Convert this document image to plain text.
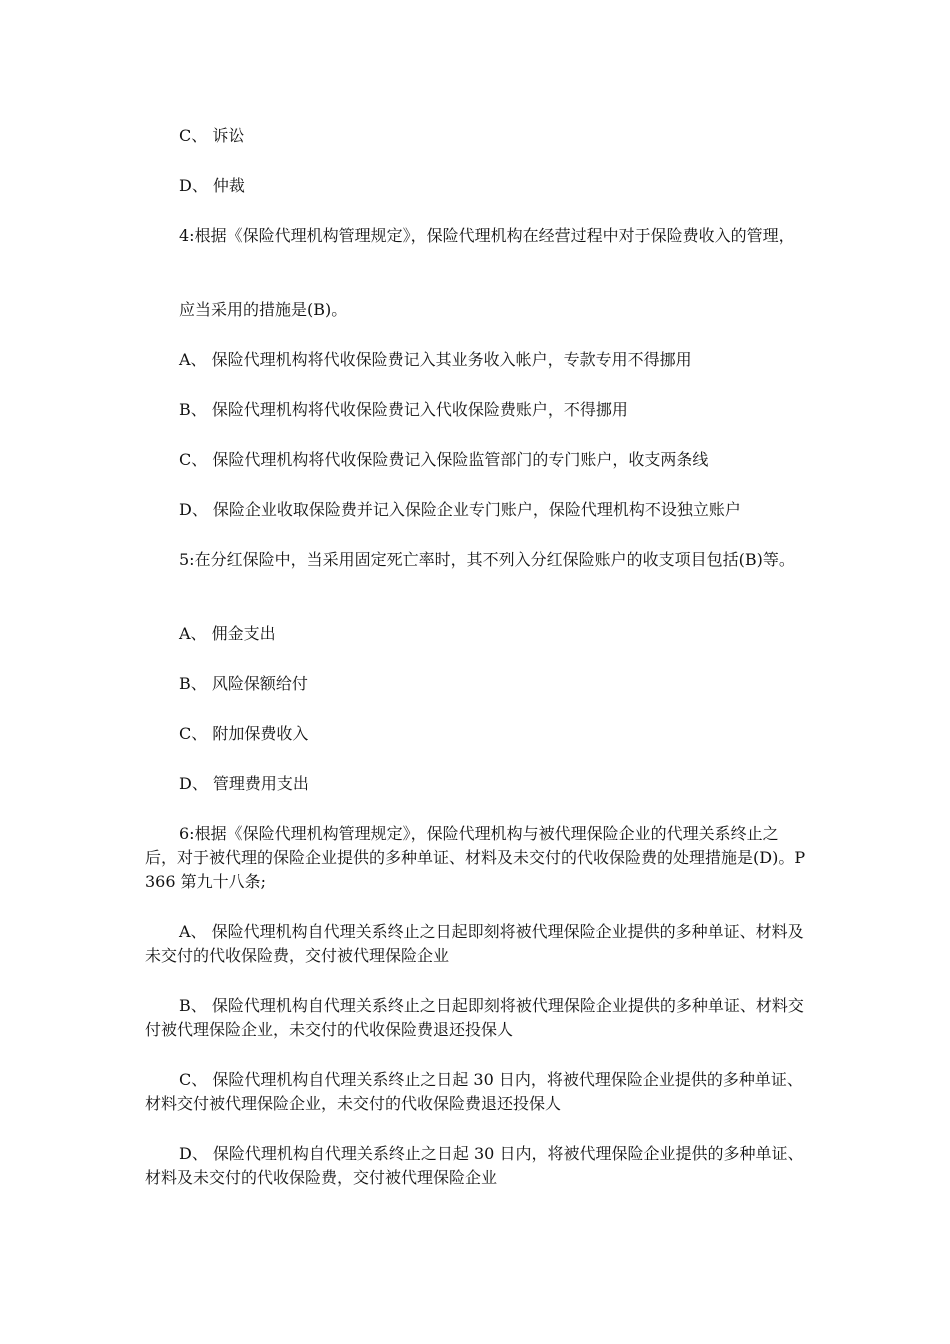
C、 诉讼
D、 仲裁
4:根据《保险代理机构管理规定》，保险代理机构在经营过程中对于保险费收入的管理，
应当采用的措施是(B)。
A、 保险代理机构将代收保险费记入其业务收入帐户，专款专用不得挪用
B、 保险代理机构将代收保险费记入代收保险费账户，不得挪用
C、 保险代理机构将代收保险费记入保险监管部门的专门账户，收支两条线
D、 保险企业收取保险费并记入保险企业专门账户，保险代理机构不设独立账户
5:在分红保险中，当采用固定死亡率时，其不列入分红保险账户的收支项目包括(B)等。
A、 佣金支出
B、 风险保额给付
C、 附加保费收入
D、 管理费用支出
6:根据《保险代理机构管理规定》，保险代理机构与被代理保险企业的代理关系终止之后，对于被代理的保险企业提供的多种单证、材料及未交付的代收保险费的处理措施是(D)。P366 第九十八条;
A、 保险代理机构自代理关系终止之日起即刻将被代理保险企业提供的多种单证、材料及未交付的代收保险费，交付被代理保险企业
B、 保险代理机构自代理关系终止之日起即刻将被代理保险企业提供的多种单证、材料交付被代理保险企业，未交付的代收保险费退还投保人
C、 保险代理机构自代理关系终止之日起 30 日内，将被代理保险企业提供的多种单证、材料交付被代理保险企业，未交付的代收保险费退还投保人
D、 保险代理机构自代理关系终止之日起 30 日内，将被代理保险企业提供的多种单证、材料及未交付的代收保险费，交付被代理保险企业
